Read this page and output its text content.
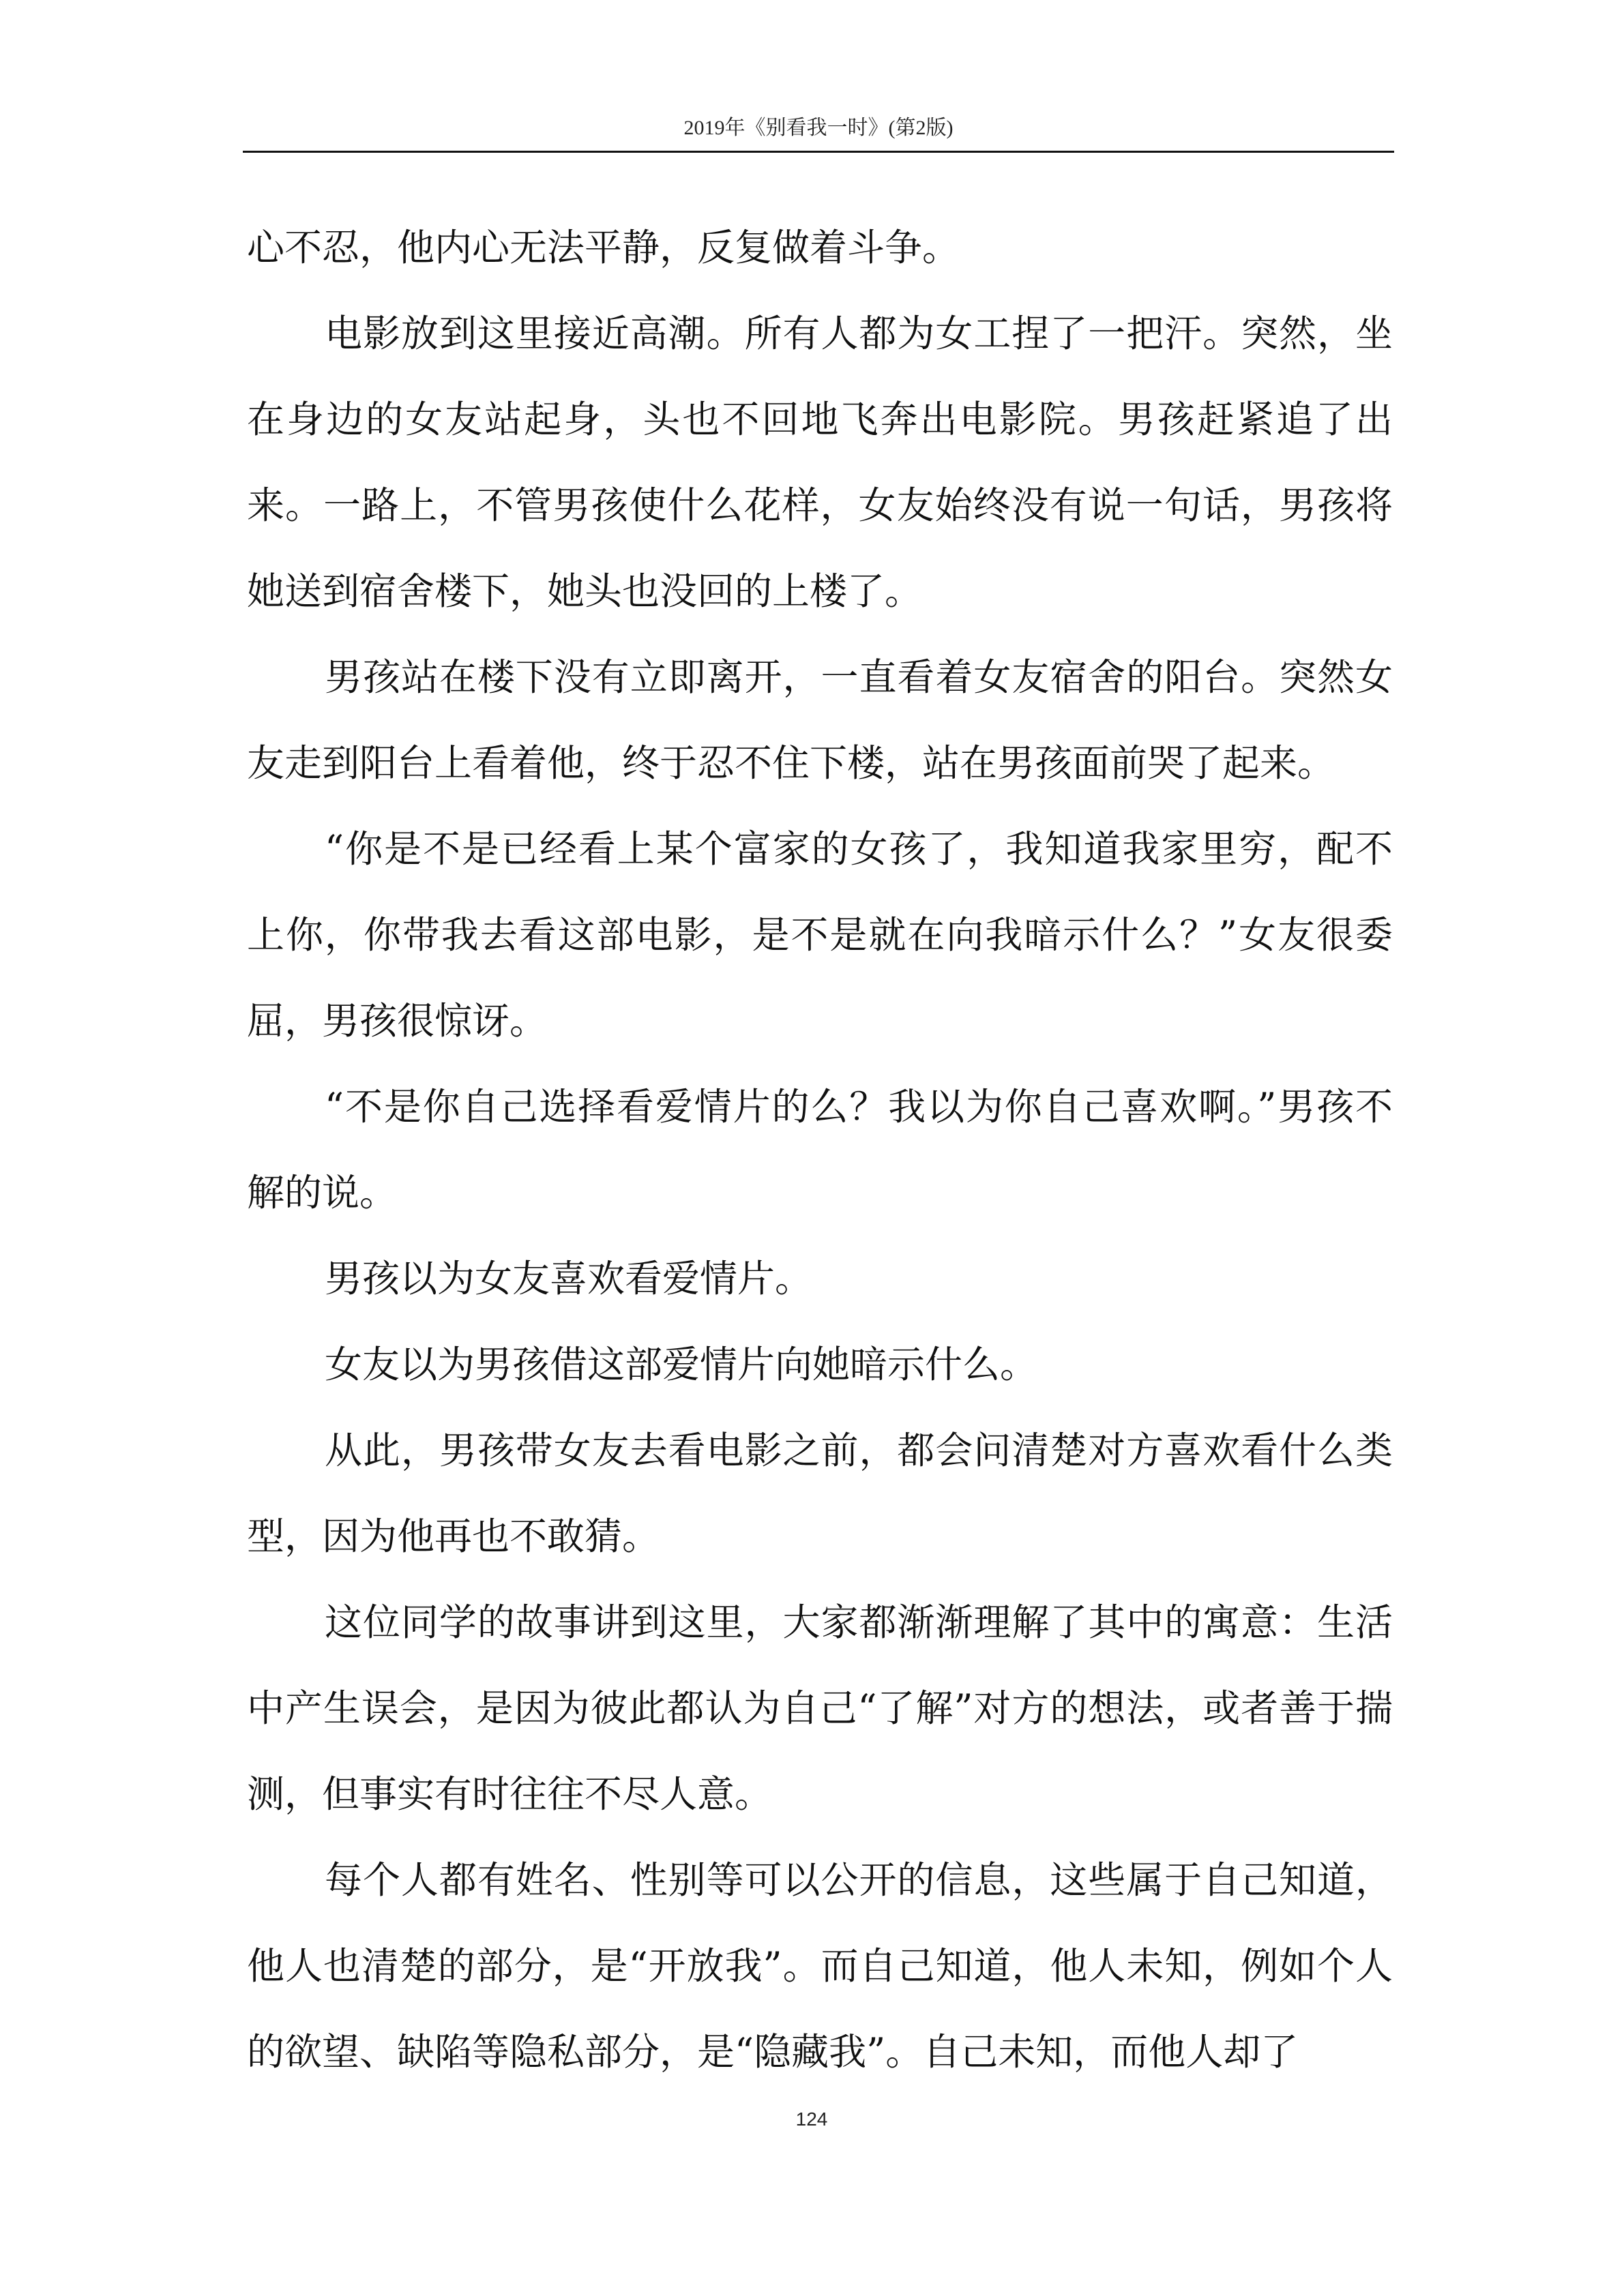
2019年《别看我一时》(第2版)

心不忍，他内心无法平静，反复做着斗争。

电影放到这里接近高潮。所有人都为女工捏了一把汗。突然，坐在身边的女友站起身，头也不回地飞奔出电影院。男孩赶紧追了出来。一路上，不管男孩使什么花样，女友始终没有说一句话，男孩将她送到宿舍楼下，她头也没回的上楼了。

男孩站在楼下没有立即离开，一直看着女友宿舍的阳台。突然女友走到阳台上看着他，终于忍不住下楼，站在男孩面前哭了起来。

“你是不是已经看上某个富家的女孩了，我知道我家里穷，配不上你，你带我去看这部电影，是不是就在向我暗示什么？”女友很委屈，男孩很惊讶。

“不是你自己选择看爱情片的么？我以为你自己喜欢啊。”男孩不解的说。

男孩以为女友喜欢看爱情片。

女友以为男孩借这部爱情片向她暗示什么。

从此，男孩带女友去看电影之前，都会问清楚对方喜欢看什么类型，因为他再也不敢猜。

这位同学的故事讲到这里，大家都渐渐理解了其中的寓意：生活中产生误会，是因为彼此都认为自己“了解”对方的想法，或者善于揣测，但事实有时往往不尽人意。

每个人都有姓名、性别等可以公开的信息，这些属于自己知道，他人也清楚的部分，是“开放我”。而自己知道，他人未知，例如个人的欲望、缺陷等隐私部分，是“隐藏我”。自己未知，而他人却了

124
